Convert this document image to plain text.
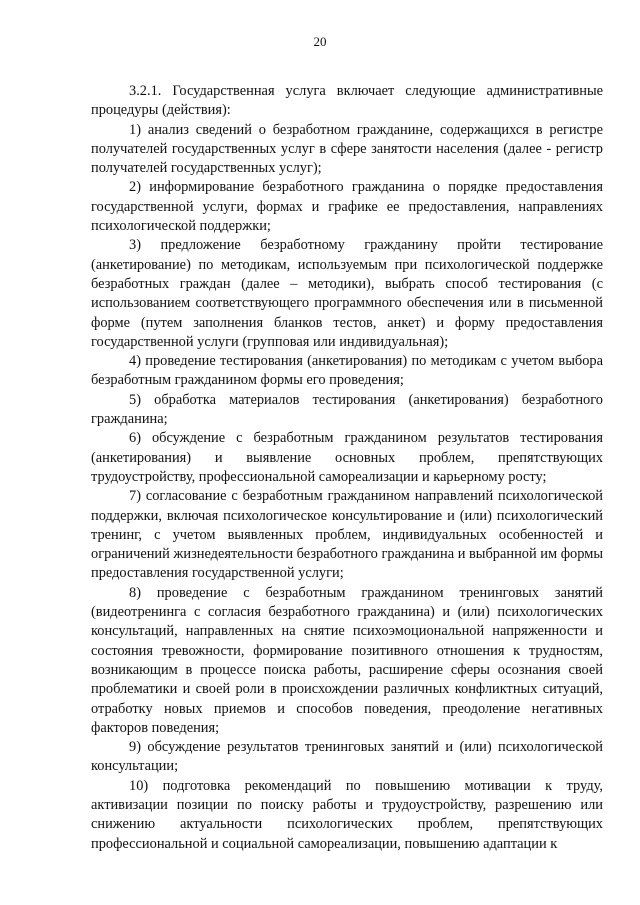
20

3.2.1. Государственная услуга включает следующие административные процедуры (действия):

1) анализ сведений о безработном гражданине, содержащихся в регистре получателей государственных услуг в сфере занятости населения (далее - регистр получателей государственных услуг);

2) информирование безработного гражданина о порядке предоставления государственной услуги, формах и графике ее предоставления, направлениях психологической поддержки;

3) предложение безработному гражданину пройти тестирование (анкетирование) по методикам, используемым при психологической поддержке безработных граждан (далее – методики), выбрать способ тестирования (с использованием соответствующего программного обеспечения или в письменной форме (путем заполнения бланков тестов, анкет) и форму предоставления государственной услуги (групповая или индивидуальная);

4) проведение тестирования (анкетирования) по методикам с учетом выбора безработным гражданином формы его проведения;

5) обработка материалов тестирования (анкетирования) безработного гражданина;

6) обсуждение с безработным гражданином результатов тестирования (анкетирования) и выявление основных проблем, препятствующих трудоустройству, профессиональной самореализации и карьерному росту;

7) согласование с безработным гражданином направлений психологической поддержки, включая психологическое консультирование и (или) психологический тренинг, с учетом выявленных проблем, индивидуальных особенностей и ограничений жизнедеятельности безработного гражданина и выбранной им формы предоставления государственной услуги;

8) проведение с безработным гражданином тренинговых занятий (видеотренинга с согласия безработного гражданина) и (или) психологических консультаций, направленных на снятие психоэмоциональной напряженности и состояния тревожности, формирование позитивного отношения к трудностям, возникающим в процессе поиска работы, расширение сферы осознания своей проблематики и своей роли в происхождении различных конфликтных ситуаций, отработку новых приемов и способов поведения, преодоление негативных факторов поведения;

9) обсуждение результатов тренинговых занятий и (или) психологической консультации;

10) подготовка рекомендаций по повышению мотивации к труду, активизации позиции по поиску работы и трудоустройству, разрешению или снижению актуальности психологических проблем, препятствующих профессиональной и социальной самореализации, повышению адаптации к
